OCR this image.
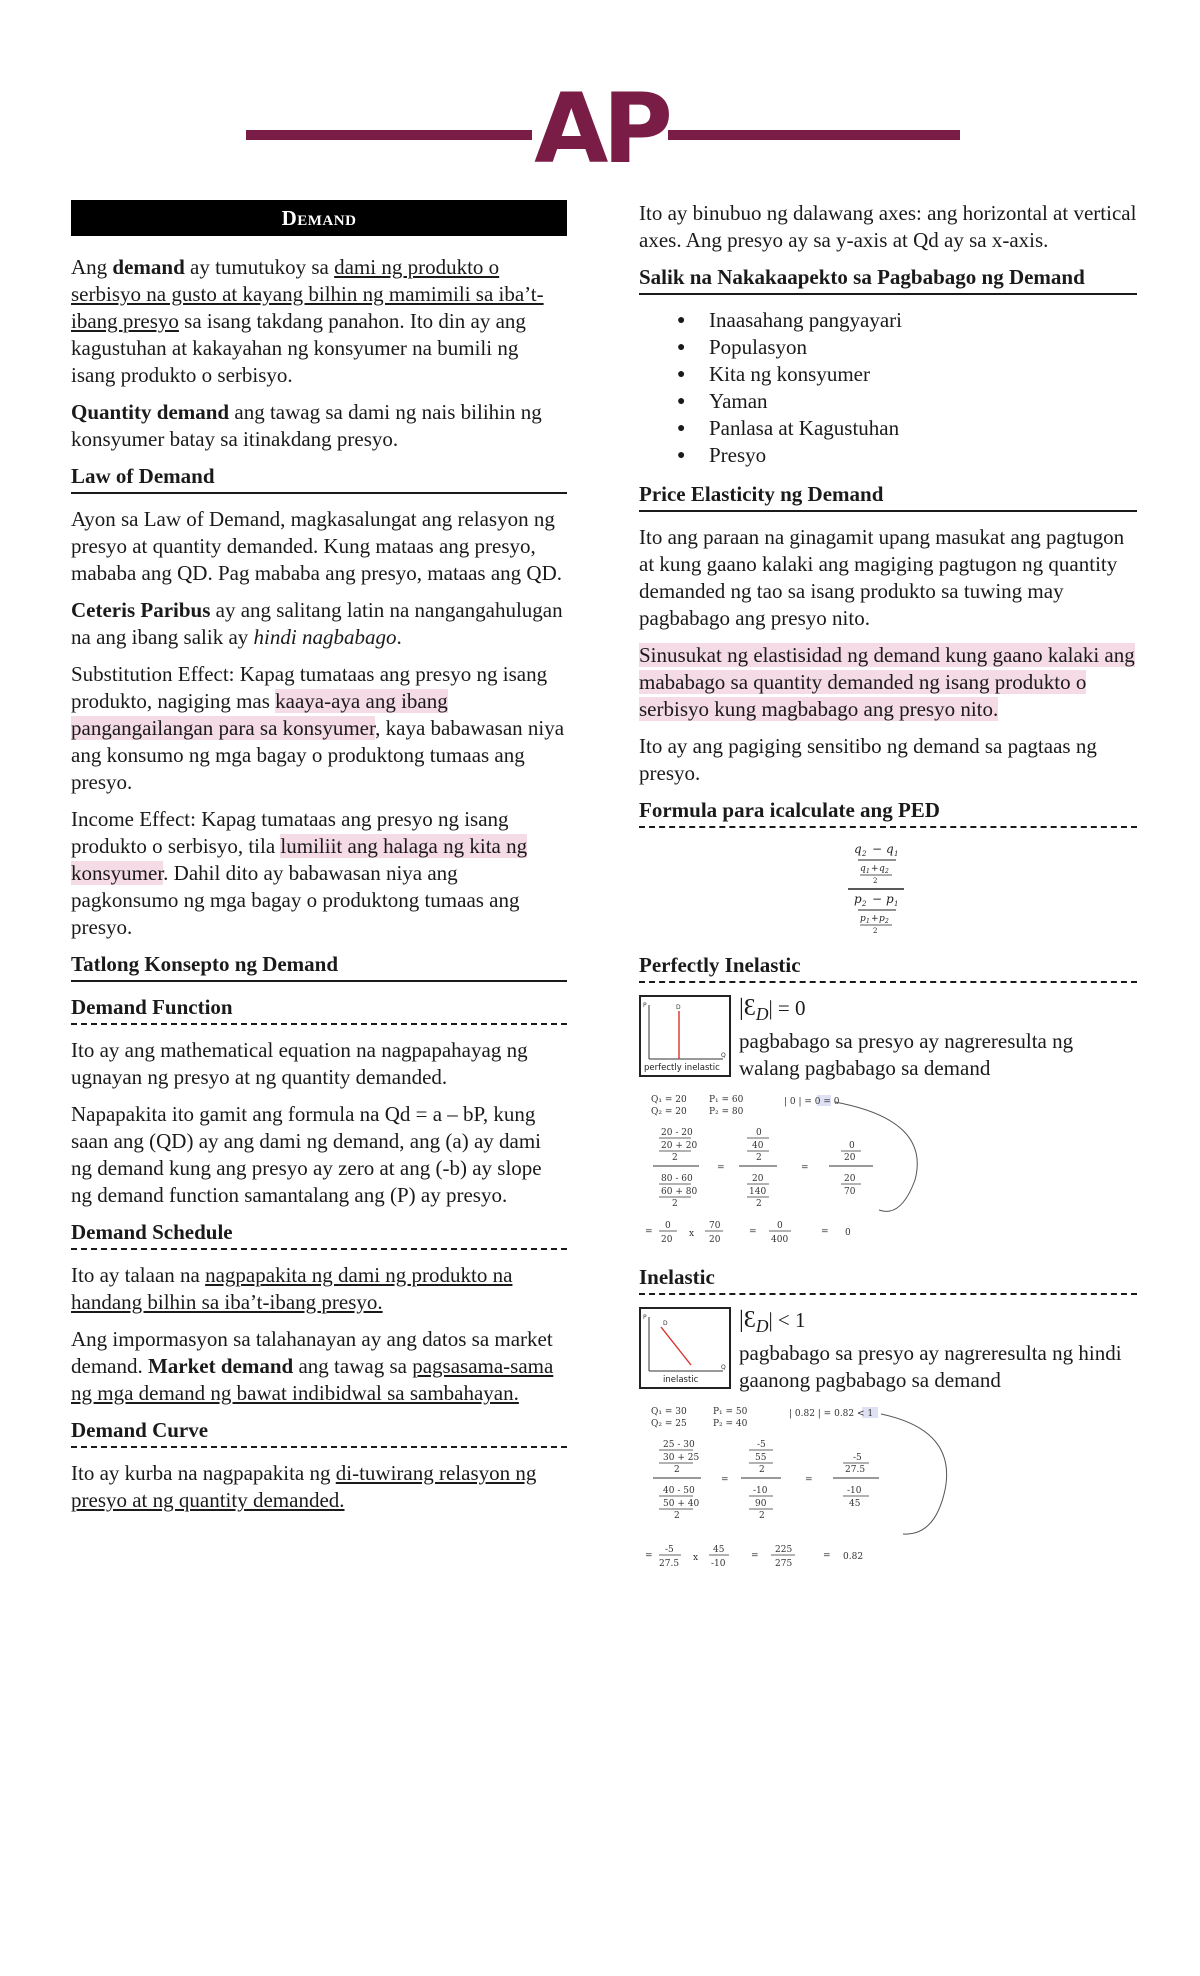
AP
Demand

Ang demand ay tumutukoy sa dami ng produkto o serbisyo na gusto at kayang bilhin ng mamimili sa iba’t-ibang presyo sa isang takdang panahon. Ito din ay ang kagustuhan at kakayahan ng konsyumer na bumili ng isang produkto o serbisyo.

Quantity demand ang tawag sa dami ng nais bilihin ng konsyumer batay sa itinakdang presyo.

Law of Demand

Ayon sa Law of Demand, magkasalungat ang relasyon ng presyo at quantity demanded. Kung mataas ang presyo, mababa ang QD. Pag mababa ang presyo, mataas ang QD.

Ceteris Paribus ay ang salitang latin na nangangahulugan na ang ibang salik ay hindi nagbabago.

Substitution Effect: Kapag tumataas ang presyo ng isang produkto, nagiging mas kaaya-aya ang ibang pangangailangan para sa konsyumer, kaya babawasan niya ang konsumo ng mga bagay o produktong tumaas ang presyo.

Income Effect: Kapag tumataas ang presyo ng isang produkto o serbisyo, tila lumiliit ang halaga ng kita ng konsyumer. Dahil dito ay babawasan niya ang pagkonsumo ng mga bagay o produktong tumaas ang presyo.

Tatlong Konsepto ng Demand
Demand Function

Ito ay ang mathematical equation na nagpapahayag ng ugnayan ng presyo at ng quantity demanded.

Napapakita ito gamit ang formula na Qd = a – bP, kung saan ang (QD) ay ang dami ng demand, ang (a) ay dami ng demand kung ang presyo ay zero at ang (-b) ay slope ng demand function samantalang ang (P) ay presyo.

Demand Schedule

Ito ay talaan na nagpapakita ng dami ng produkto na handang bilhin sa iba’t-ibang presyo.

Ang impormasyon sa talahanayan ay ang datos sa market demand. Market demand ang tawag sa pagsasama-sama ng mga demand ng bawat indibidwal sa sambahayan.

Demand Curve

Ito ay kurba na nagpapakita ng di-tuwirang relasyon ng presyo at ng quantity demanded.

Ito ay binubuo ng dalawang axes: ang horizontal at vertical axes. Ang presyo ay sa y-axis at Qd ay sa x-axis.

Salik na Nakakaapekto sa Pagbabago ng Demand
● Inaasahang pangyayari
● Populasyon
● Kita ng konsyumer
● Yaman
● Panlasa at Kagustuhan
● Presyo
Price Elasticity ng Demand

Ito ang paraan na ginagamit upang masukat ang pagtugon at kung gaano kalaki ang magiging pagtugon ng quantity demanded ng tao sa isang produkto sa tuwing may pagbabago ang presyo nito.

Sinusukat ng elastisidad ng demand kung gaano kalaki ang mababago sa quantity demanded ng isang produkto o serbisyo kung magbabago ang presyo nito.

Ito ay ang pagiging sensitibo ng demand sa pagtaas ng presyo.

Formula para icalculate ang PED
q 2 − q 1
q 1 + q 2
2
p 2 − p 1
p 1 + p 2
2
Perfectly Inelastic
P
Q
D
perfectly inelastic
$|Ɛ_D| = 0$
pagbabago sa presyo ay nagreresulta ng walang pagbabago sa demand
Q₁ = 20
Q₂ = 20
P₁ = 60
P₂ = 80
| 0 | = 0 = 0
20 - 20
20 + 20
2
80 - 60
60 + 80
2
=
0
40
2
20
140
2
=
0
20
20
70
=
0
20
x
70
20
=
0
400
= 0
Inelastic
P
Q
D
inelastic
$|Ɛ_D| < 1$
pagbabago sa presyo ay nagreresulta ng hindi gaanong pagbabago sa demand
Q₁ = 30
Q₂ = 25
P₁ = 50
P₂ = 40
| 0.82 | = 0.82 < 1
25 - 30
30 + 25
2
40 - 50
50 + 40
2
=
-5
55
2
-10
90
2
=
-5
27.5
-10
45
=
-5
27.5
x
45
-10
=
225
275
= 0.82
